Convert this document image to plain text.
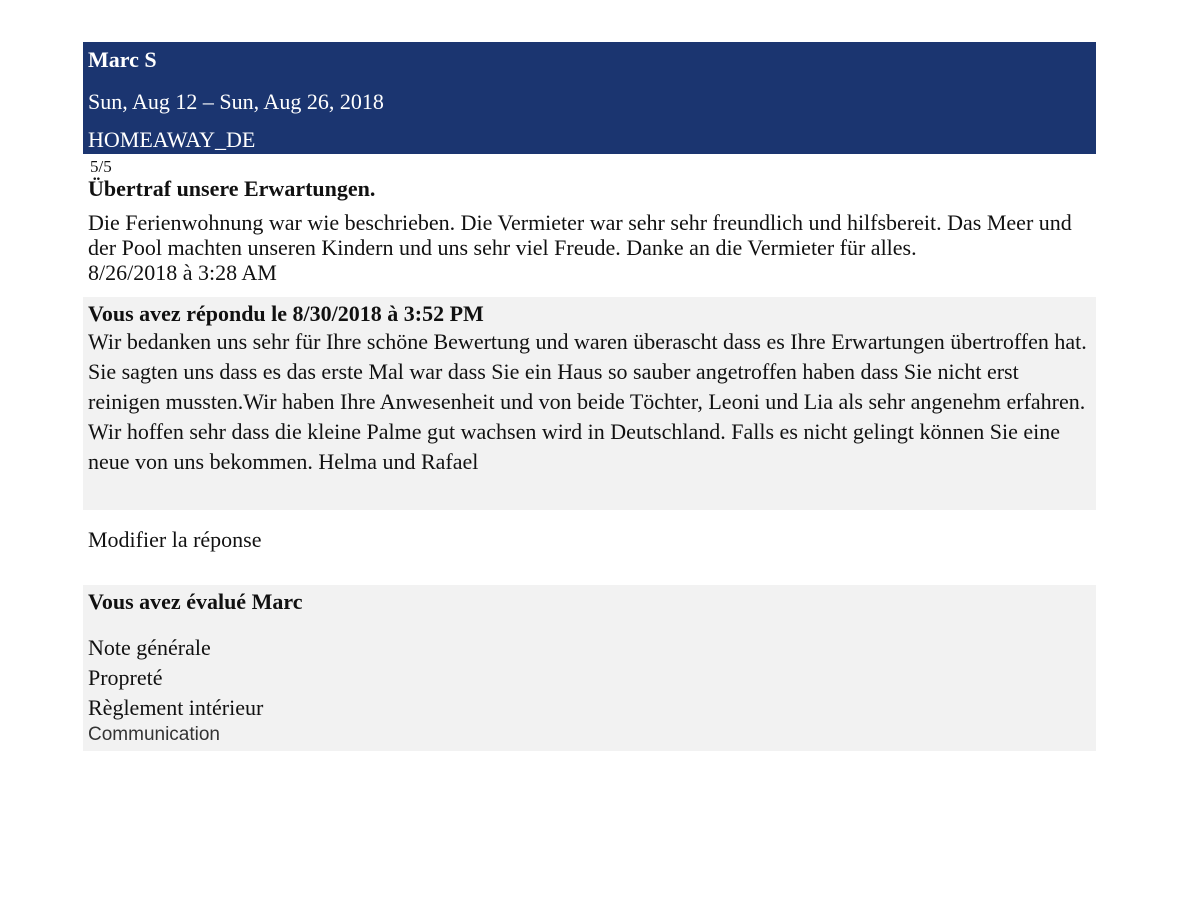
Marc S
Sun, Aug 12 – Sun, Aug 26, 2018
HOMEAWAY_DE
5/5
Übertraf unsere Erwartungen.
Die Ferienwohnung war wie beschrieben. Die Vermieter war sehr sehr freundlich und hilfsbereit. Das Meer und der Pool machten unseren Kindern und uns sehr viel Freude. Danke an die Vermieter für alles.
8/26/2018 à 3:28 AM
Vous avez répondu le 8/30/2018 à 3:52 PM
Wir bedanken uns sehr für Ihre schöne Bewertung und waren überascht dass es Ihre Erwartungen übertroffen hat. Sie sagten uns dass es das erste Mal war dass Sie ein Haus so sauber angetroffen haben dass Sie nicht erst reinigen mussten.Wir haben Ihre Anwesenheit und von beide Töchter, Leoni und Lia als sehr angenehm erfahren. Wir hoffen sehr dass die kleine Palme gut wachsen wird in Deutschland. Falls es nicht gelingt können Sie eine neue von uns bekommen. Helma und Rafael
Modifier la réponse
Vous avez évalué Marc
Note générale
Propreté
Règlement intérieur
Communication
